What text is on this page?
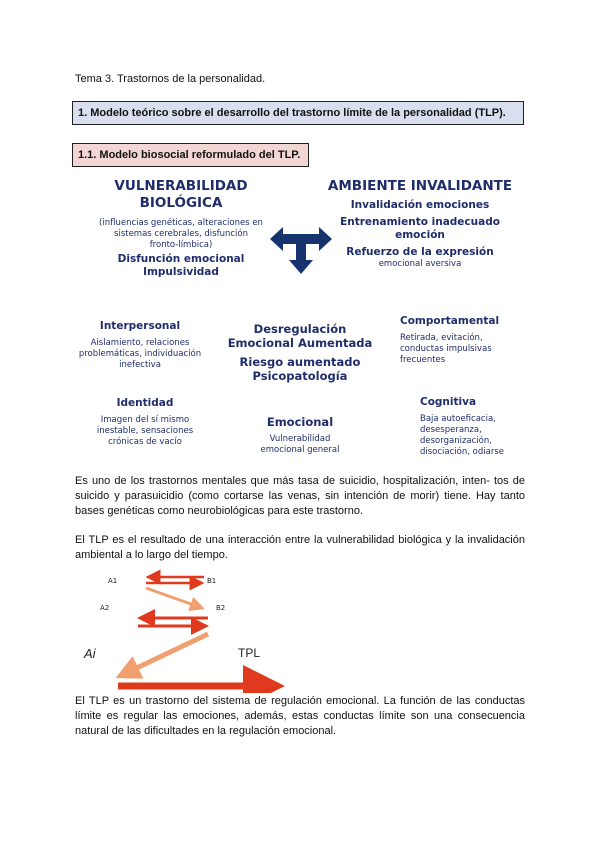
Tema 3. Trastornos de la personalidad.
1. Modelo teórico sobre el desarrollo del trastorno límite de la personalidad (TLP).
1.1. Modelo biosocial reformulado del TLP.
VULNERABILIDAD
BIOLÓGICA
(influencias genéticas, alteraciones en
sistemas cerebrales, disfunción
fronto-límbica)
Disfunción emocional
Impulsividad
AMBIENTE INVALIDANTE
Invalidación emociones
Entrenamiento inadecuado
emoción
Refuerzo de la expresión
emocional aversiva
Interpersonal
Aislamiento, relaciones
problemáticas, individuación
inefectiva
Desregulación
Emocional Aumentada
Riesgo aumentado
Psicopatología
Comportamental
Retirada, evitación,
conductas impulsivas
frecuentes
Identidad
Imagen del sí mismo
inestable, sensaciones
crónicas de vacío
Emocional
Vulnerabilidad
emocional general
Cognitiva
Baja autoeficacia,
desesperanza,
desorganización,
disociación, odiarse
Es uno de los trastornos mentales que más tasa de suicidio, hospitalización, inten- tos de suicido y parasuicidio (como cortarse las venas, sin intención de morir) tiene. Hay tanto bases genéticas como neurobiológicas para este trastorno.
El TLP es el resultado de una interacción entre la vulnerabilidad biológica y la invalidación ambiental a lo largo del tiempo.
A1	B1
A2	B2
Ai	TPL
El TLP es un trastorno del sistema de regulación emocional. La función de las conductas límite es regular las emociones, además, estas conductas límite son una consecuencia natural de las dificultades en la regulación emocional.
